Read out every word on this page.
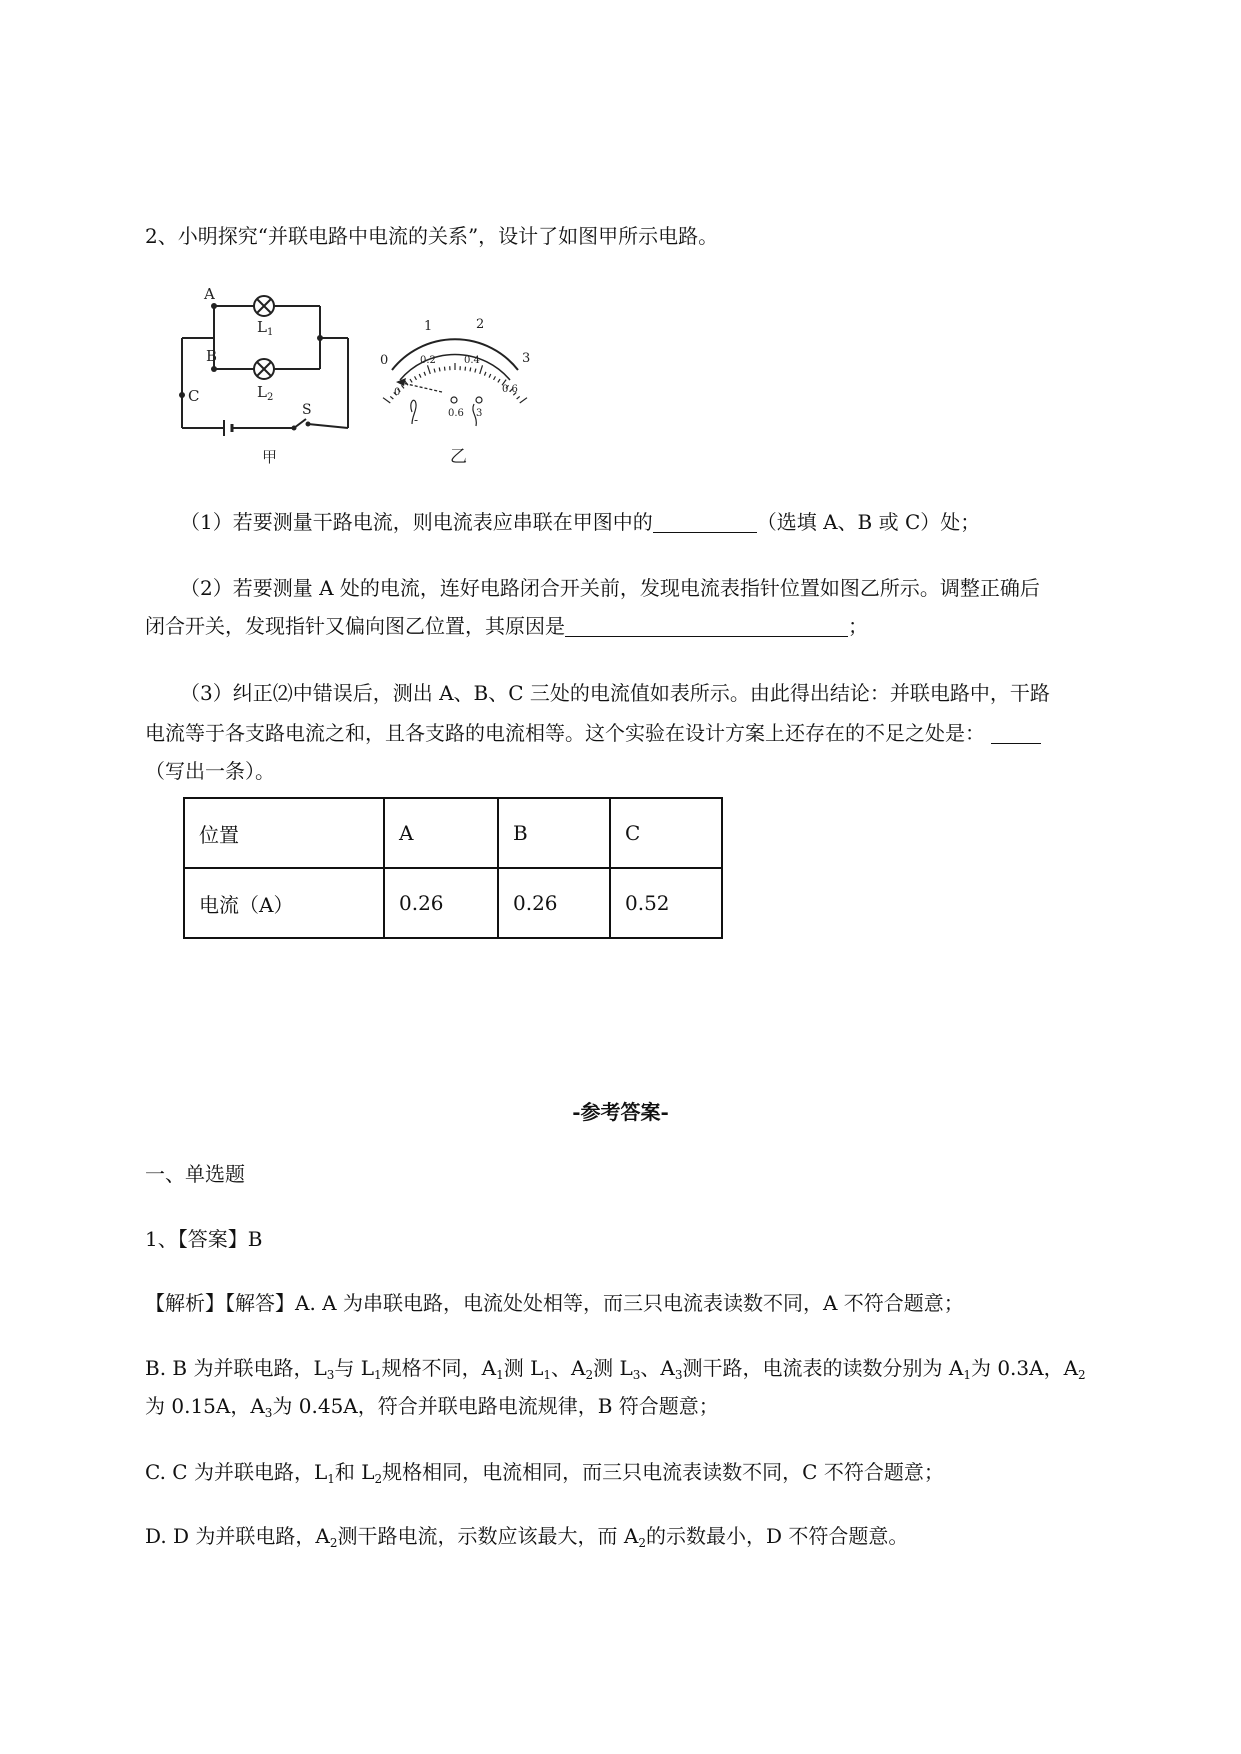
2、小明探究“并联电路中电流的关系”，设计了如图甲所示电路。
A
B
C
$L_1$
$L_2$
S
甲
0
1	2
3
0.2	0.4
0.6
0
-	0.6 3
乙
（1）若要测量干路电流，则电流表应串联在甲图中的	（选填 A、B 或 C）处；
（2）若要测量 A 处的电流，连好电路闭合开关前，发现电流表指针位置如图乙所示。调整正确后
闭合开关，发现指针又偏向图乙位置，其原因是	；
（3）纠正⑵中错误后，测出 A、B、C 三处的电流值如表所示。由此得出结论：并联电路中，干路
电流等于各支路电流之和，且各支路的电流相等。这个实验在设计方案上还存在的不足之处是：
（写出一条）。
位置	A	B	C
电流（A）	0.26	0.26	0.52
-参考答案-
一、单选题
1、【答案】B
【解析】【解答】A. A 为串联电路，电流处处相等，而三只电流表读数不同，A 不符合题意；
B. B 为并联电路，$L_3$与 $L_1$规格不同，$A_1$测 $L_1$、$A_2$测 $L_3$、$A_3$测干路，电流表的读数分别为 $A_1$为 0.3A，$A_2$
为 0.15A，$A_3$为 0.45A，符合并联电路电流规律，B 符合题意；
C. C 为并联电路，$L_1$和 $L_2$规格相同，电流相同，而三只电流表读数不同，C 不符合题意；
D. D 为并联电路，$A_2$测干路电流，示数应该最大，而 $A_2$的示数最小，D 不符合题意。
